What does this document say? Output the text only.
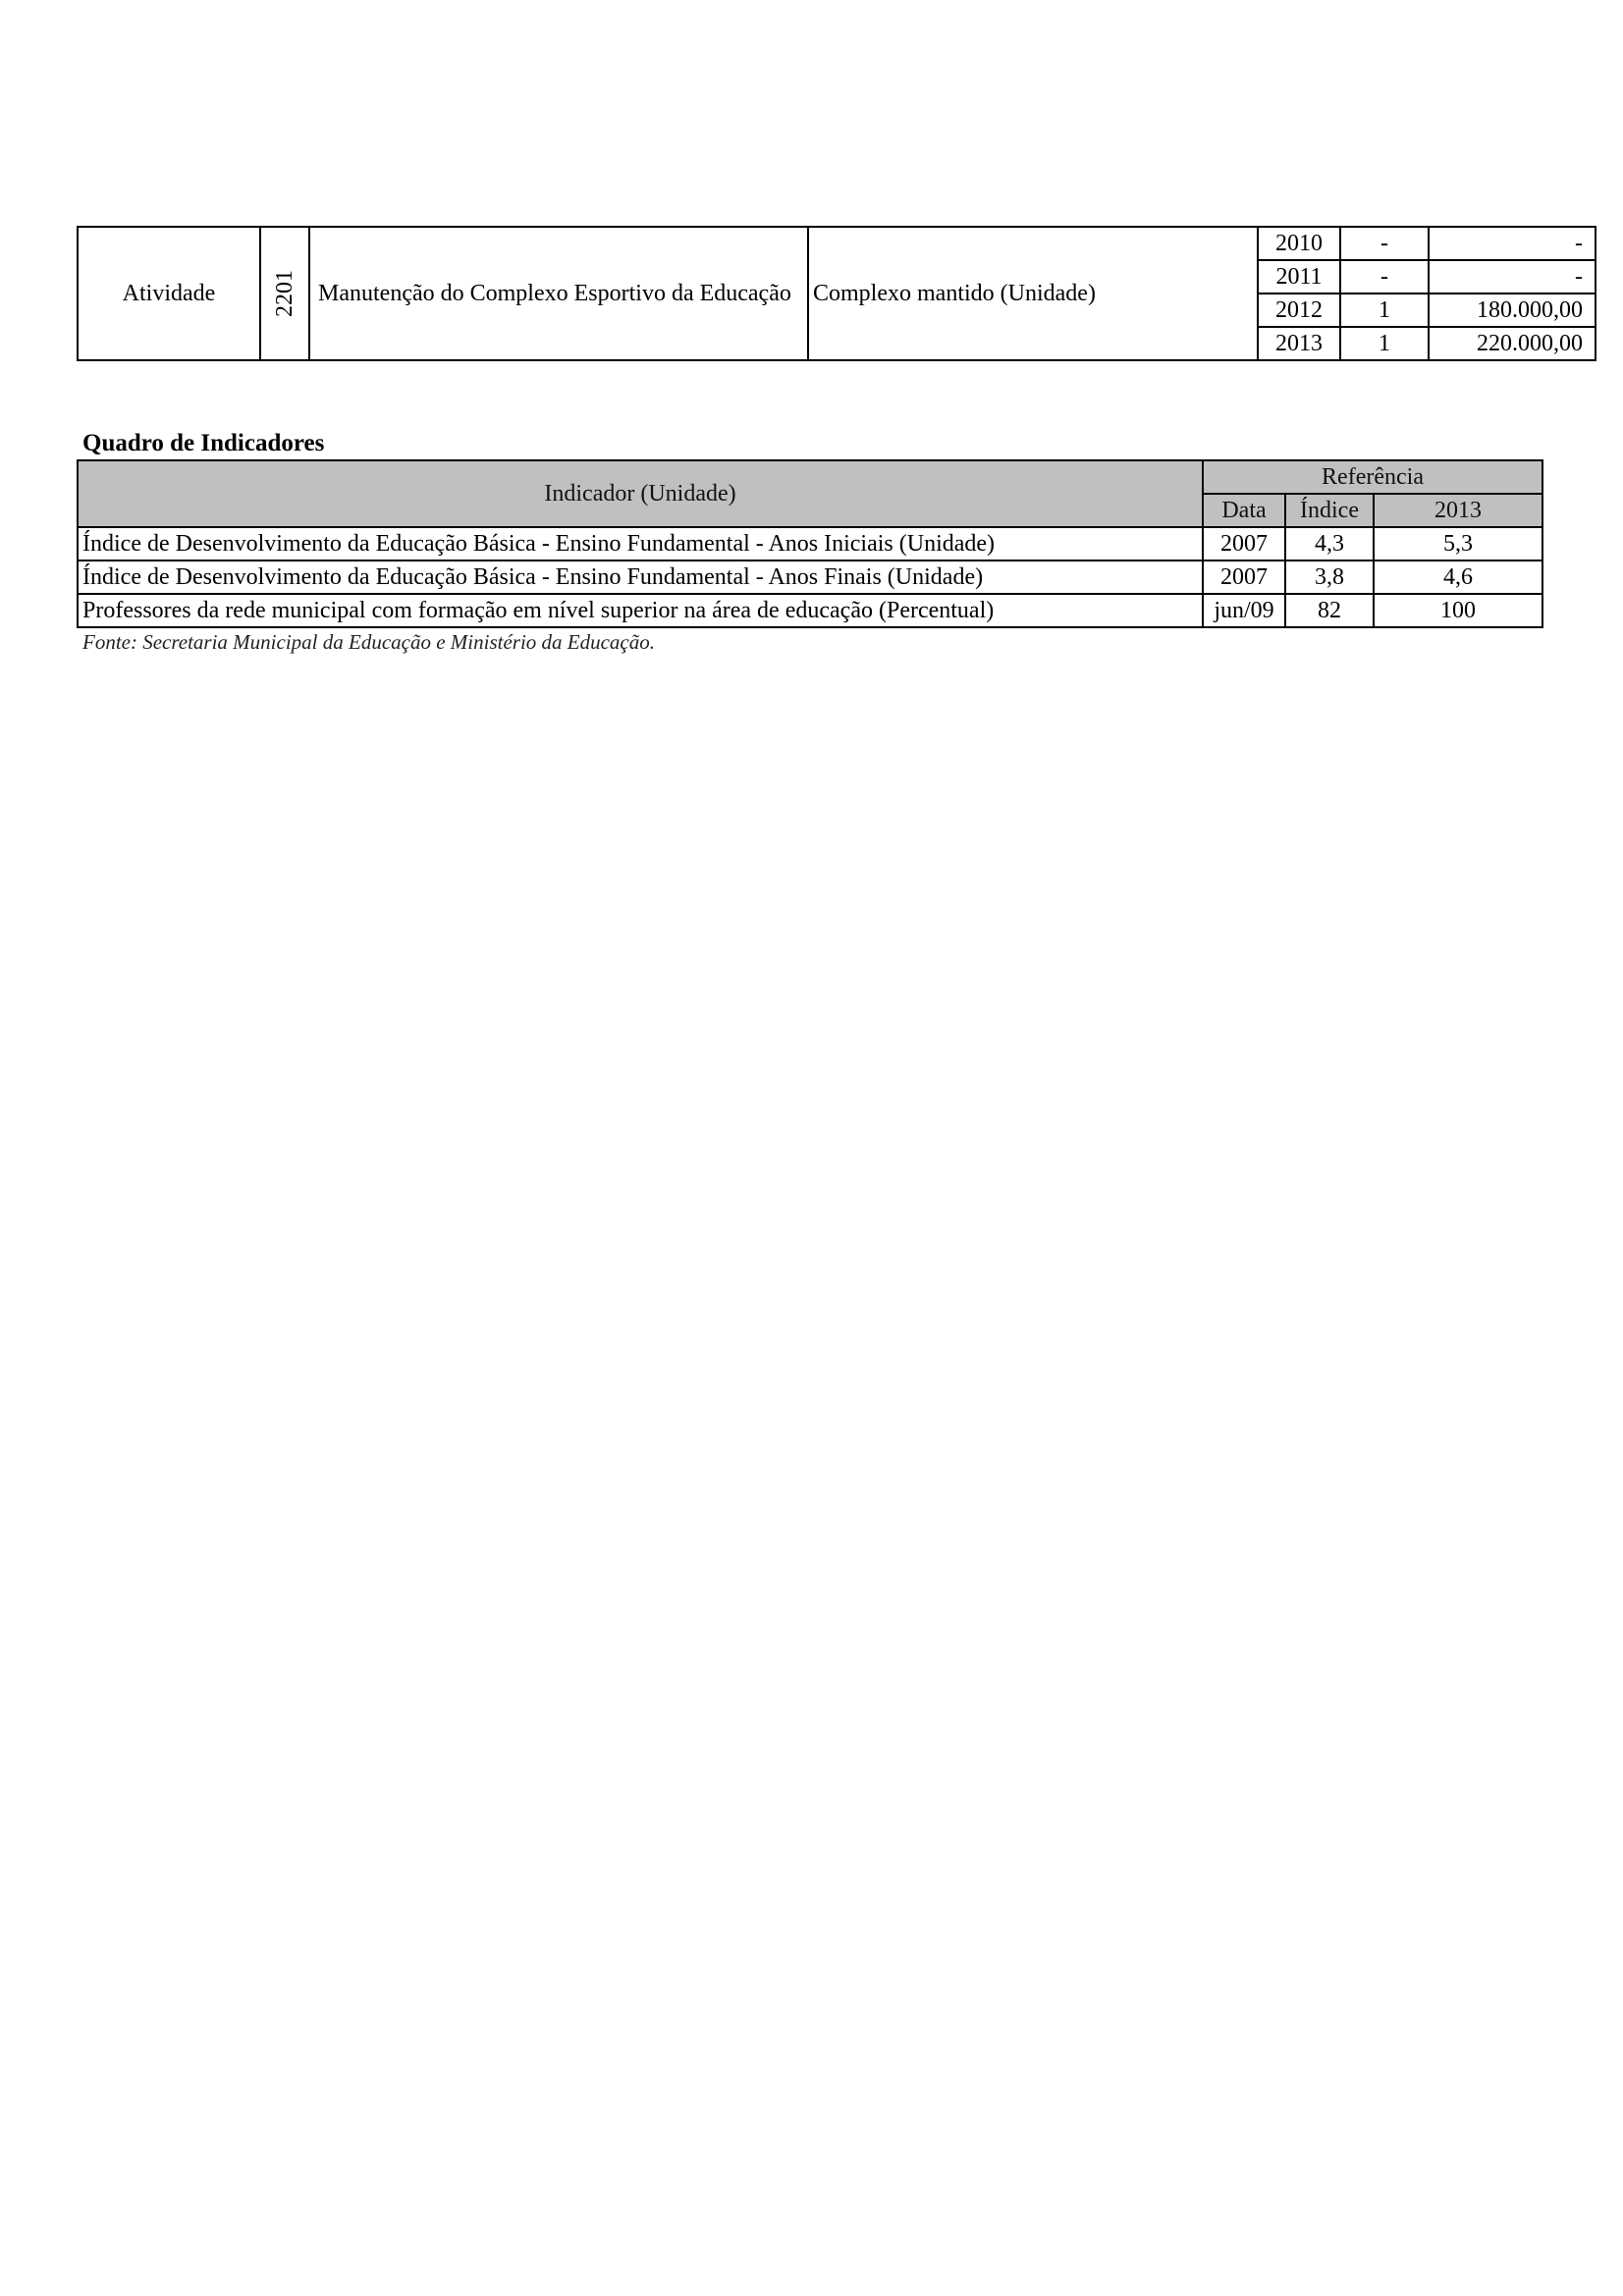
Atividade	2201	Manutenção do Complexo Esportivo da Educação	Complexo mantido (Unidade)	2010	-	-
				2011	-	-
				2012	1	180.000,00
				2013	1	220.000,00
Quadro de Indicadores
Indicador (Unidade)	Referência		
	Data	Índice	2013
Índice de Desenvolvimento da Educação Básica - Ensino Fundamental - Anos Iniciais (Unidade)	2007	4,3	5,3
Índice de Desenvolvimento da Educação Básica - Ensino Fundamental - Anos Finais (Unidade)	2007	3,8	4,6
Professores da rede municipal com formação em nível superior na área de educação (Percentual)	jun/09	82	100
Fonte: Secretaria Municipal da Educação e Ministério da Educação.
